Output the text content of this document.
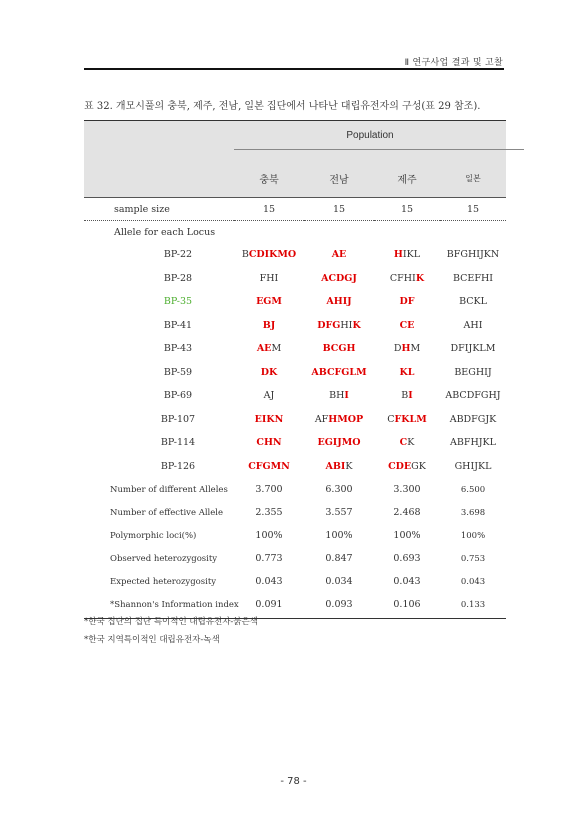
Ⅱ 연구사업 결과 및 고찰
표 32. 개모시풀의 충북, 제주, 전남, 일본 집단에서 나타난 대립유전자의 구성(표 29 참조).
	Population			

	충북	전남	제주	일본
sample size	15	15	15	15
Allele for each Locus				
BP-22	BCDIKMO	AE	HIKL	BFGHIJKN
BP-28	FHI	ACDGJ	CFHIK	BCEFHI
BP-35	EGM	AHIJ	DF	BCKL
BP-41	BJ	DFGHIK	CE	AHI
BP-43	AEM	BCGH	DHM	DFIJKLM
BP-59	DK	ABCFGLM	KL	BEGHIJ
BP-69	AJ	BHI	BI	ABCDFGHJ
BP-107	EIKN	AFHMOP	CFKLM	ABDFGJK
BP-114	CHN	EGIJMO	CK	ABFHJKL
BP-126	CFGMN	ABIK	CDEGK	GHIJKL
Number of different Alleles	3.700	6.300	3.300	6.500
Number of effective Allele	2.355	3.557	2.468	3.698
Polymorphic loci(%)	100%	100%	100%	100%
Observed heterozygosity	0.773	0.847	0.693	0.753
Expected heterozygosity	0.043	0.034	0.043	0.043
*Shannon's Information index	0.091	0.093	0.106	0.133

*한국 집단의 집단 특이적인 대립유전자-붉은색
*한국 지역특이적인 대립유전자-녹색
- 78 -
